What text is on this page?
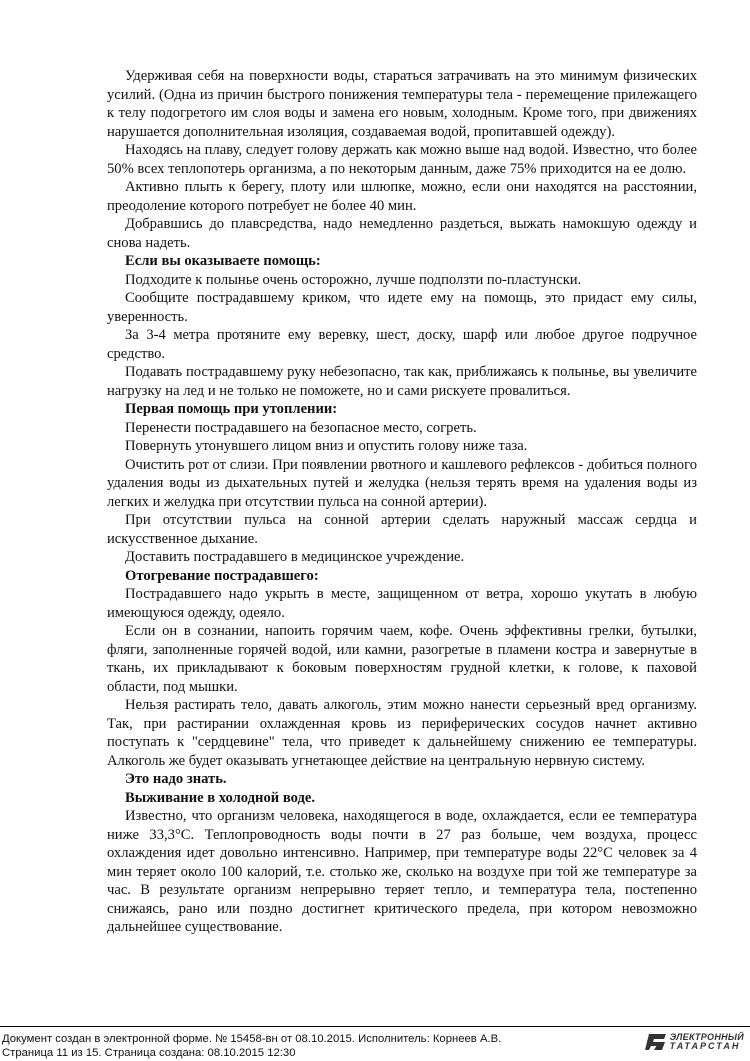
Удерживая себя на поверхности воды, стараться затрачивать на это минимум физических усилий. (Одна из причин быстрого понижения температуры тела - перемещение прилежащего к телу подогретого им слоя воды и замена его новым, холодным. Кроме того, при движениях нарушается дополнительная изоляция, создаваемая водой, пропитавшей одежду).

Находясь на плаву, следует голову держать как можно выше над водой. Известно, что более 50% всех теплопотерь организма, а по некоторым данным, даже 75% приходится на ее долю.

Активно плыть к берегу, плоту или шлюпке, можно, если они находятся на расстоянии, преодоление которого потребует не более 40 мин.

Добравшись до плавсредства, надо немедленно раздеться, выжать намокшую одежду и снова надеть.

Если вы оказываете помощь:

Подходите к полынье очень осторожно, лучше подползти по-пластунски.

Сообщите пострадавшему криком, что идете ему на помощь, это придаст ему силы, уверенность.

За 3-4 метра протяните ему веревку, шест, доску, шарф или любое другое подручное средство.

Подавать пострадавшему руку небезопасно, так как, приближаясь к полынье, вы увеличите нагрузку на лед и не только не поможете, но и сами рискуете провалиться.

Первая помощь при утоплении:

Перенести пострадавшего на безопасное место, согреть.

Повернуть утонувшего лицом вниз и опустить голову ниже таза.

Очистить рот от слизи. При появлении рвотного и кашлевого рефлексов - добиться полного удаления воды из дыхательных путей и желудка (нельзя терять время на удаления воды из легких и желудка при отсутствии пульса на сонной артерии).

При отсутствии пульса на сонной артерии сделать наружный массаж сердца и искусственное дыхание.

Доставить пострадавшего в медицинское учреждение.

Отогревание пострадавшего:

Пострадавшего надо укрыть в месте, защищенном от ветра, хорошо укутать в любую имеющуюся одежду, одеяло.

Если он в сознании, напоить горячим чаем, кофе. Очень эффективны грелки, бутылки, фляги, заполненные горячей водой, или камни, разогретые в пламени костра и завернутые в ткань, их прикладывают к боковым поверхностям грудной клетки, к голове, к паховой области, под мышки.

Нельзя растирать тело, давать алкоголь, этим можно нанести серьезный вред организму. Так, при растирании охлажденная кровь из периферических сосудов начнет активно поступать к "сердцевине" тела, что приведет к дальнейшему снижению ее температуры. Алкоголь же будет оказывать угнетающее действие на центральную нервную систему.

Это надо знать.

Выживание в холодной воде.

Известно, что организм человека, находящегося в воде, охлаждается, если ее температура ниже 33,3°С. Теплопроводность воды почти в 27 раз больше, чем воздуха, процесс охлаждения идет довольно интенсивно. Например, при температуре воды 22°С человек за 4 мин теряет около 100 калорий, т.е. столько же, сколько на воздухе при той же температуре за час. В результате организм непрерывно теряет тепло, и температура тела, постепенно снижаясь, рано или поздно достигнет критического предела, при котором невозможно дальнейшее существование.

Документ создан в электронной форме. № 15458-вн от 08.10.2015. Исполнитель: Корнеев А.В.
Страница 11 из 15. Страница создана: 08.10.2015 12:30
ЭЛЕКТРОННЫЙ
ТАТАРСТАН
